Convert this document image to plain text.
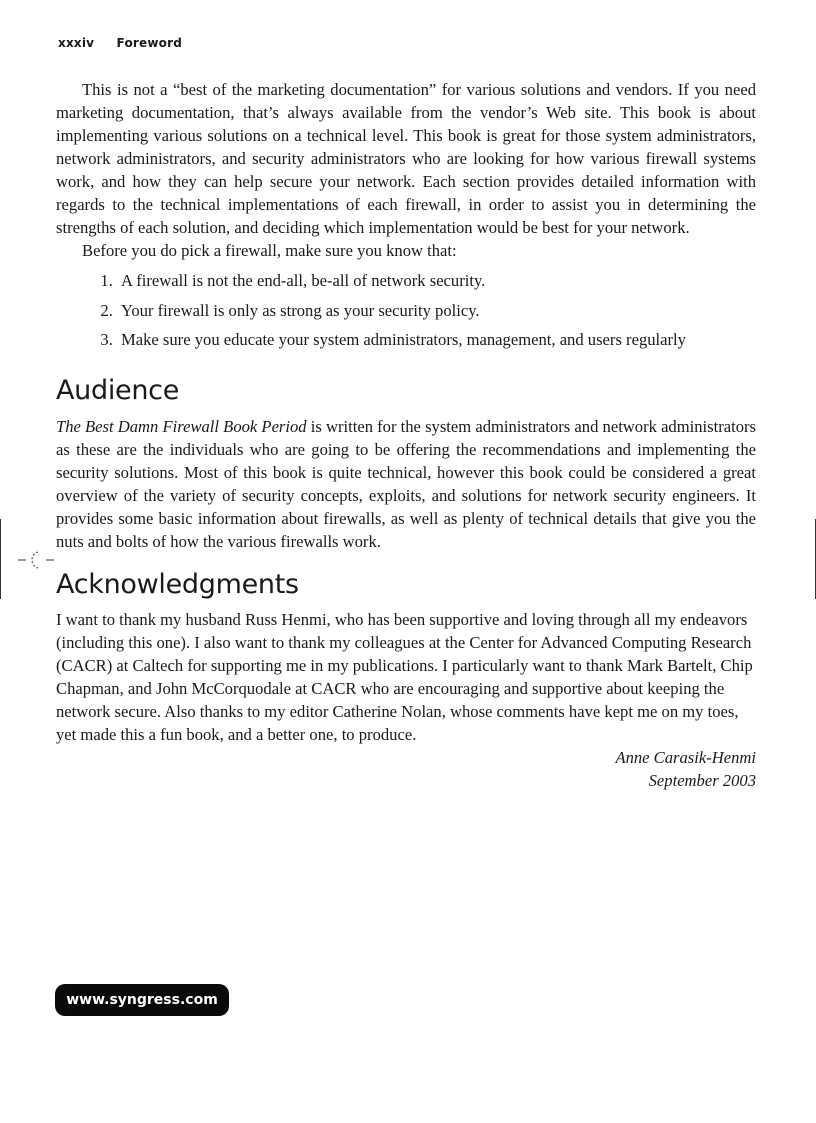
xxxiv Foreword

This is not a “best of the marketing documentation” for various solutions and vendors. If you need marketing documentation, that’s always available from the vendor’s Web site. This book is about implementing various solutions on a technical level. This book is great for those system administrators, network administrators, and security administrators who are looking for how various firewall systems work, and how they can help secure your network. Each section provides detailed information with regards to the technical implementations of each firewall, in order to assist you in determining the strengths of each solution, and deciding which implementation would be best for your network.

Before you do pick a firewall, make sure you know that:

1. A firewall is not the end-all, be-all of network security.
2. Your firewall is only as strong as your security policy.
3. Make sure you educate your system administrators, management, and users regularly
Audience

The Best Damn Firewall Book Period is written for the system administrators and network administrators as these are the individuals who are going to be offering the recommendations and implementing the security solutions. Most of this book is quite technical, however this book could be considered a great overview of the variety of security concepts, exploits, and solutions for network security engineers. It provides some basic information about firewalls, as well as plenty of technical details that give you the nuts and bolts of how the various firewalls work.

Acknowledgments

I want to thank my husband Russ Henmi, who has been supportive and loving through all my endeavors (including this one). I also want to thank my colleagues at the Center for Advanced Computing Research (CACR) at Caltech for supporting me in my publications. I particularly want to thank Mark Bartelt, Chip Chapman, and John McCorquodale at CACR who are encouraging and supportive about keeping the network secure. Also thanks to my editor Catherine Nolan, whose comments have kept me on my toes, yet made this a fun book, and a better one, to produce.

Anne Carasik-Henmi
September 2003
www.syngress.com
